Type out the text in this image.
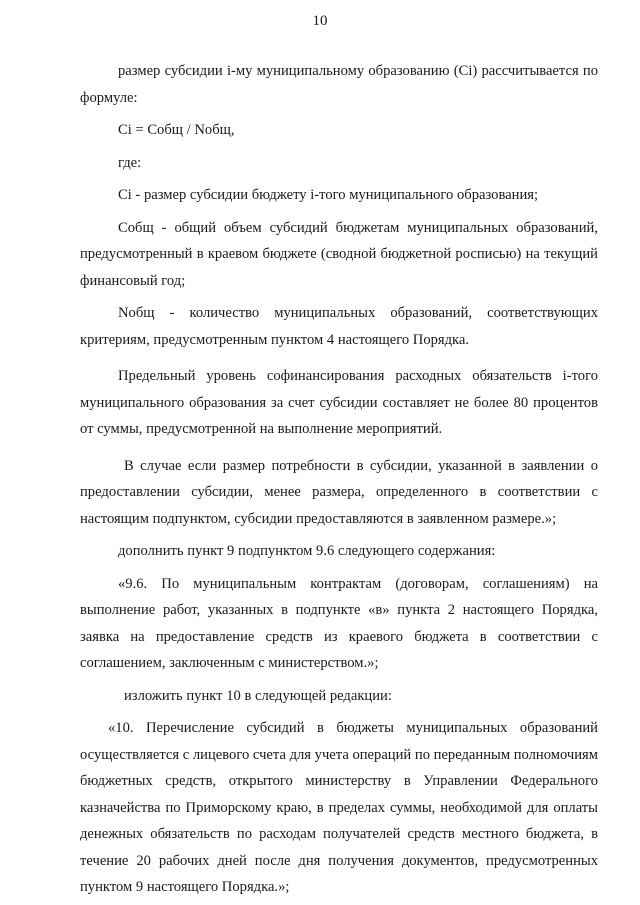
10

размер субсидии i-му муниципальному образованию (Ci) рассчитывается по формуле:

Ci = Cобщ / Nобщ,

где:

Ci - размер субсидии бюджету i-того муниципального образования;

Cобщ - общий объем субсидий бюджетам муниципальных образований, предусмотренный в краевом бюджете (сводной бюджетной росписью) на текущий финансовый год;

Nобщ - количество муниципальных образований, соответствующих критериям, предусмотренным пунктом 4 настоящего Порядка.

Предельный уровень софинансирования расходных обязательств i-того муниципального образования за счет субсидии составляет не более 80 процентов от суммы, предусмотренной на выполнение мероприятий.

В случае если размер потребности в субсидии, указанной в заявлении о предоставлении субсидии, менее размера, определенного в соответствии с настоящим подпунктом, субсидии предоставляются в заявленном размере.»;

дополнить пункт 9 подпунктом 9.6 следующего содержания:

«9.6. По муниципальным контрактам (договорам, соглашениям) на выполнение работ, указанных в подпункте «в» пункта 2 настоящего Порядка, заявка на предоставление средств из краевого бюджета в соответствии с соглашением, заключенным с министерством.»;

изложить пункт 10 в следующей редакции:

«10. Перечисление субсидий в бюджеты муниципальных образований осуществляется с лицевого счета для учета операций по переданным полномочиям бюджетных средств, открытого министерству в Управлении Федерального казначейства по Приморскому краю, в пределах суммы, необходимой для оплаты денежных обязательств по расходам получателей средств местного бюджета, в течение 20 рабочих дней после дня получения документов, предусмотренных пунктом 9 настоящего Порядка.»;
